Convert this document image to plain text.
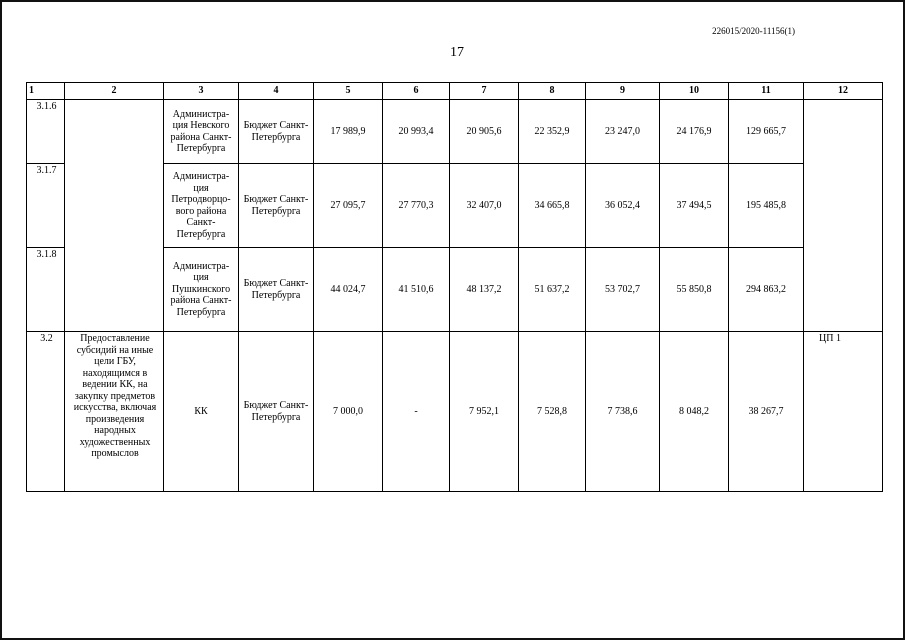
226015/2020-11156(1)
17
1	2	3	4	5	6	7	8	9	10	11	12
3.1.6		Администра-ция Невского района Санкт-Петербурга	Бюджет Санкт-Петербурга	17 989,9	20 993,4	20 905,6	22 352,9	23 247,0	24 176,9	129 665,7	
3.1.7		Администра-ция Петродворцо-вого района Санкт-Петербурга	Бюджет Санкт-Петербурга	27 095,7	27 770,3	32 407,0	34 665,8	36 052,4	37 494,5	195 485,8	
3.1.8		Администра-ция Пушкинского района Санкт-Петербурга	Бюджет Санкт-Петербурга	44 024,7	41 510,6	48 137,2	51 637,2	53 702,7	55 850,8	294 863,2	
3.2	Предоставление субсидий на иные цели ГБУ, находящимся в ведении КК, на закупку предметов искусства, включая произведения народных художественных промыслов	КК	Бюджет Санкт-Петербурга	7 000,0	-	7 952,1	7 528,8	7 738,6	8 048,2	38 267,7	ЦП 1
